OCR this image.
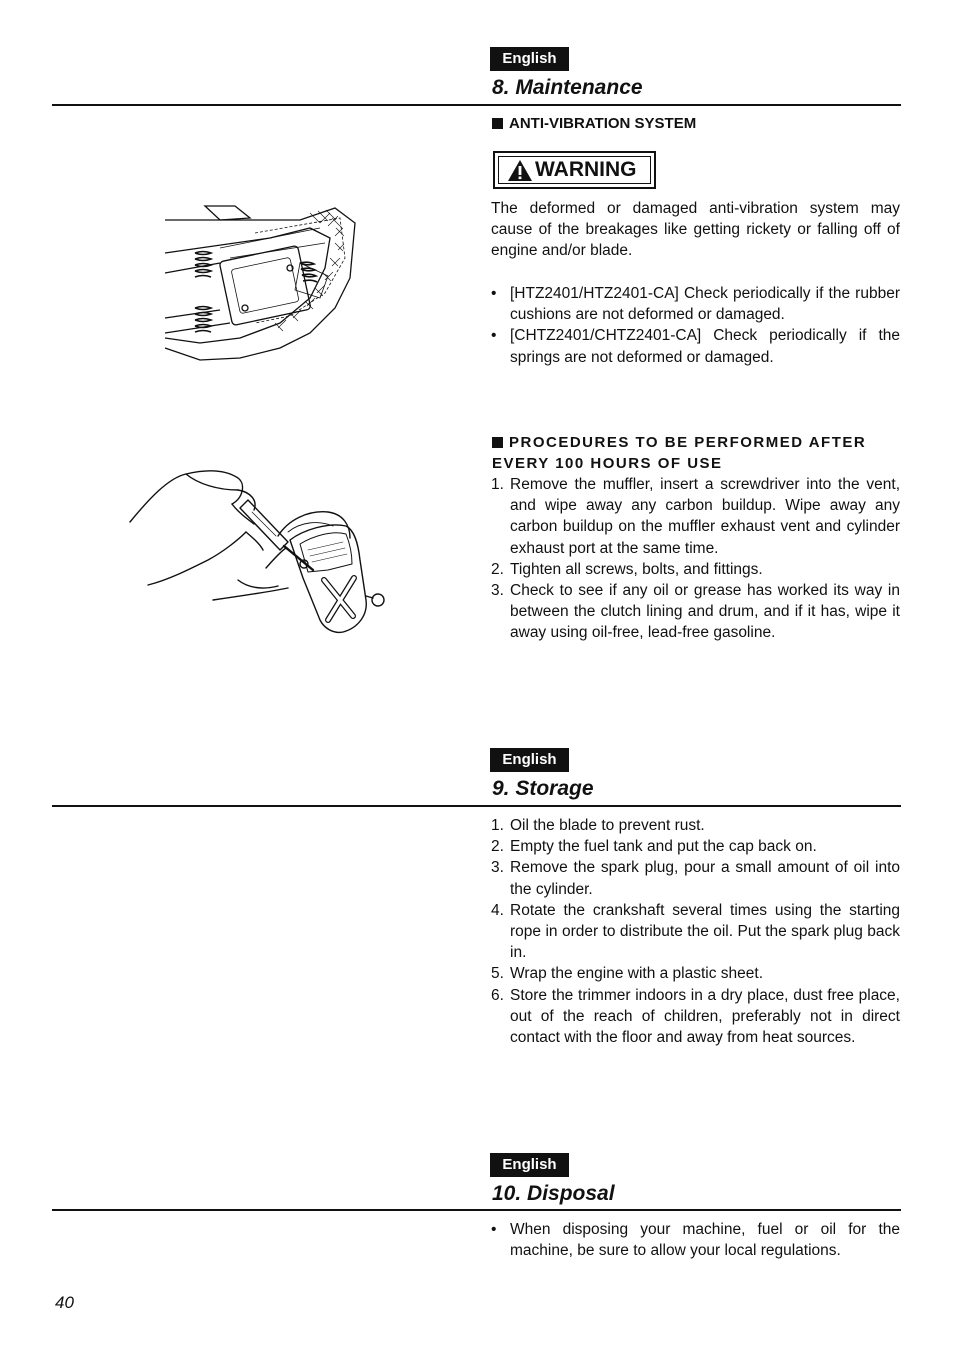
English
8. Maintenance
ANTI-VIBRATION SYSTEM
WARNING
The deformed or damaged anti-vibration system may cause of the breakages like getting rickety or falling off of engine and/or blade.
• [HTZ2401/HTZ2401-CA] Check periodically if the rubber cushions are not deformed or damaged.
• [CHTZ2401/CHTZ2401-CA] Check periodically if the springs are not deformed or damaged.
PROCEDURES TO BE PERFORMED AFTER EVERY 100 HOURS OF USE
1. Remove the muffler, insert a screwdriver into the vent, and wipe away any carbon buildup. Wipe away any carbon buildup on the muffler exhaust vent and cylinder exhaust port at the same time.
2. Tighten all screws, bolts, and fittings.
3. Check to see if any oil or grease has worked its way in between the clutch lining and drum, and if it has, wipe it away using oil-free, lead-free gasoline.
English
9. Storage
1. Oil the blade to prevent rust.
2. Empty the fuel tank and put the cap back on.
3. Remove the spark plug, pour a small amount of oil into the cylinder.
4. Rotate the crankshaft several times using the starting rope in order to distribute the oil. Put the spark plug back in.
5. Wrap the engine with a plastic sheet.
6. Store the trimmer indoors in a dry place, dust free place, out of the reach of children, preferably not in direct contact with the floor and away from heat sources.
English
10. Disposal
• When disposing your machine, fuel or oil for the machine, be sure to allow your local regulations.
40
